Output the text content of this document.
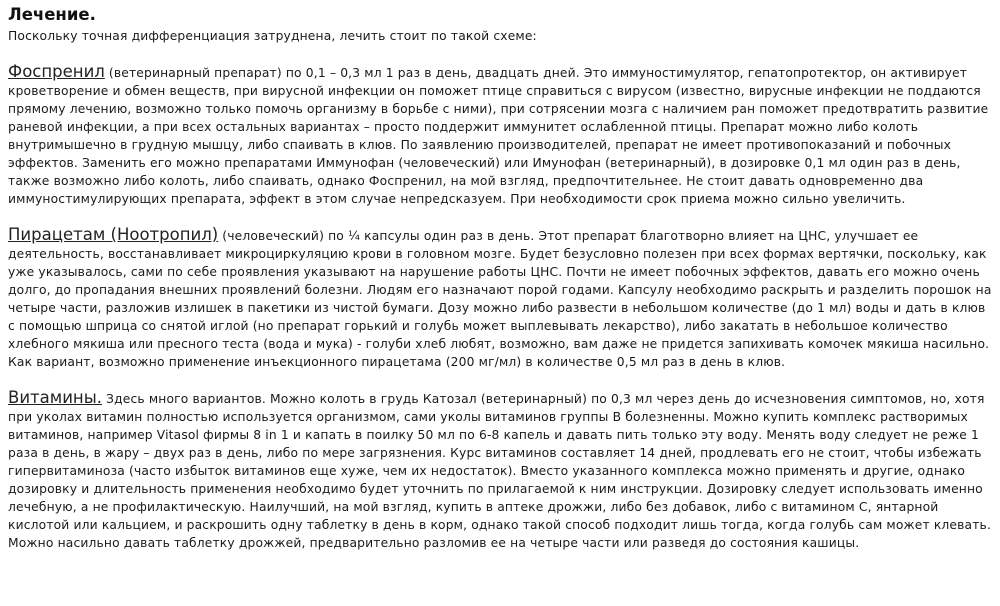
Лечение.

Поскольку точная дифференциация затруднена, лечить стоит по такой схеме:

Фоспренил (ветеринарный препарат) по 0,1 – 0,3 мл 1 раз в день, двадцать дней. Это иммуностимулятор, гепатопротектор, он активирует кроветворение и обмен веществ, при вирусной инфекции он поможет птице справиться с вирусом (известно, вирусные инфекции не поддаются прямому лечению, возможно только помочь организму в борьбе с ними), при сотрясении мозга с наличием ран поможет предотвратить развитие раневой инфекции, а при всех остальных вариантах – просто поддержит иммунитет ослабленной птицы. Препарат можно либо колоть внутримышечно в грудную мышцу, либо спаивать в клюв. По заявлению производителей, препарат не имеет противопоказаний и побочных эффектов. Заменить его можно препаратами Иммунофан (человеческий) или Имунофан (ветеринарный), в дозировке 0,1 мл один раз в день, также возможно либо колоть, либо спаивать, однако Фоспренил, на мой взгляд, предпочтительнее. Не стоит давать одновременно два иммуностимулирующих препарата, эффект в этом случае непредсказуем. При необходимости срок приема можно сильно увеличить.

Пирацетам (Ноотропил) (человеческий) по ¼ капсулы один раз в день. Этот препарат благотворно влияет на ЦНС, улучшает ее деятельность, восстанавливает микроциркуляцию крови в головном мозге. Будет безусловно полезен при всех формах вертячки, поскольку, как уже указывалось, сами по себе проявления указывают на нарушение работы ЦНС. Почти не имеет побочных эффектов, давать его можно очень долго, до пропадания внешних проявлений болезни. Людям его назначают порой годами. Капсулу необходимо раскрыть и разделить порошок на четыре части, разложив излишек в пакетики из чистой бумаги. Дозу можно либо развести в небольшом количестве (до 1 мл) воды и дать в клюв с помощью шприца со снятой иглой (но препарат горький и голубь может выплевывать лекарство), либо закатать в небольшое количество хлебного мякиша или пресного теста (вода и мука) - голуби хлеб любят, возможно, вам даже не придется запихивать комочек мякиша насильно. Как вариант, возможно применение инъекционного пирацетама (200 мг/мл) в количестве 0,5 мл раз в день в клюв.

Витамины. Здесь много вариантов. Можно колоть в грудь Катозал (ветеринарный) по 0,3 мл через день до исчезновения симптомов, но, хотя при уколах витамин полностью используется организмом, сами уколы витаминов группы В болезненны. Можно купить комплекс растворимых витаминов, например Vitasol фирмы 8 in 1 и капать в поилку 50 мл по 6-8 капель и давать пить только эту воду. Менять воду следует не реже 1 раза в день, в жару – двух раз в день, либо по мере загрязнения. Курс витаминов составляет 14 дней, продлевать его не стоит, чтобы избежать гипервитаминоза (часто избыток витаминов еще хуже, чем их недостаток). Вместо указанного комплекса можно применять и другие, однако дозировку и длительность применения необходимо будет уточнить по прилагаемой к ним инструкции. Дозировку следует использовать именно лечебную, а не профилактическую. Наилучший, на мой взгляд, купить в аптеке дрожжи, либо без добавок, либо с витамином С, янтарной кислотой или кальцием, и раскрошить одну таблетку в день в корм, однако такой способ подходит лишь тогда, когда голубь сам может клевать. Можно насильно давать таблетку дрожжей, предварительно разломив ее на четыре части или разведя до состояния кашицы.
